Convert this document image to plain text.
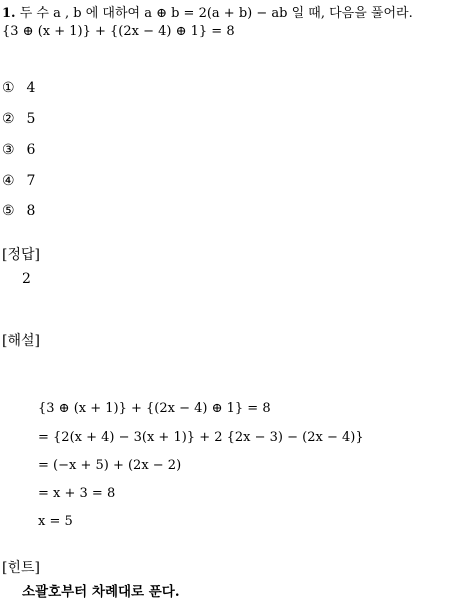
1. 두 수 a , b 에 대하여 a ⊕ b = 2(a + b) − ab 일 때, 다음을 풀어라.
{3 ⊕ (x + 1)} + {(2x − 4) ⊕ 1} = 8
① 4
② 5
③ 6
④ 7
⑤ 8
[정답]
2
[해설]
{3 ⊕ (x + 1)} + {(2x − 4) ⊕ 1} = 8
= {2(x + 4) − 3(x + 1)} + 2 {2x − 3) − (2x − 4)}
= (−x + 5) + (2x − 2)
= x + 3 = 8
x = 5
[힌트]
소괄호부터 차례대로 푼다.
